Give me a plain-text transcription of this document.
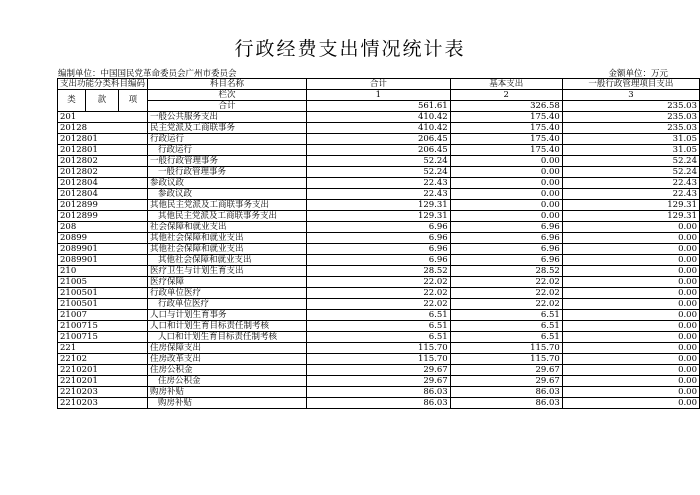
行政经费支出情况统计表
编制单位：中国国民党革命委员会广州市委员会	金额单位：万元
支出功能分类科目编码			科目名称	合计	基本支出	一般行政管理项目支出
类	款	项	栏次	1	2	3
			合计	561.61	326.58	235.03
201			一般公共服务支出	410.42	175.40	235.03
20128			民主党派及工商联事务	410.42	175.40	235.03
2012801			行政运行	206.45	175.40	31.05
2012801			行政运行	206.45	175.40	31.05
2012802			一般行政管理事务	52.24	0.00	52.24
2012802			一般行政管理事务	52.24	0.00	52.24
2012804			参政议政	22.43	0.00	22.43
2012804			参政议政	22.43	0.00	22.43
2012899			其他民主党派及工商联事务支出	129.31	0.00	129.31
2012899			其他民主党派及工商联事务支出	129.31	0.00	129.31
208			社会保障和就业支出	6.96	6.96	0.00
20899			其他社会保障和就业支出	6.96	6.96	0.00
2089901			其他社会保障和就业支出	6.96	6.96	0.00
2089901			其他社会保障和就业支出	6.96	6.96	0.00
210			医疗卫生与计划生育支出	28.52	28.52	0.00
21005			医疗保障	22.02	22.02	0.00
2100501			行政单位医疗	22.02	22.02	0.00
2100501			行政单位医疗	22.02	22.02	0.00
21007			人口与计划生育事务	6.51	6.51	0.00
2100715			人口和计划生育目标责任制考核	6.51	6.51	0.00
2100715			人口和计划生育目标责任制考核	6.51	6.51	0.00
221			住房保障支出	115.70	115.70	0.00
22102			住房改革支出	115.70	115.70	0.00
2210201			住房公积金	29.67	29.67	0.00
2210201			住房公积金	29.67	29.67	0.00
2210203			购房补贴	86.03	86.03	0.00
2210203			购房补贴	86.03	86.03	0.00
